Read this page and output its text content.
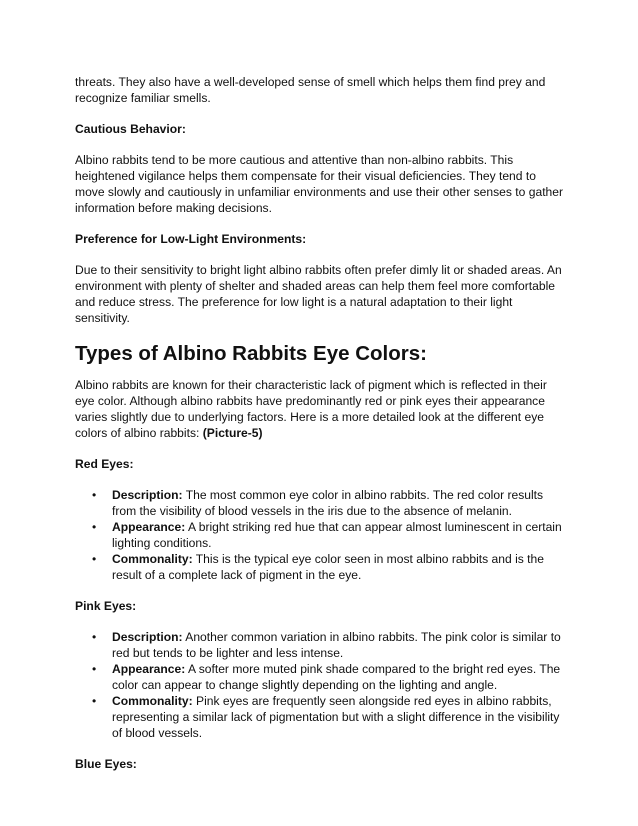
threats. They also have a well-developed sense of smell which helps them find prey and recognize familiar smells.

Cautious Behavior:

Albino rabbits tend to be more cautious and attentive than non-albino rabbits. This heightened vigilance helps them compensate for their visual deficiencies. They tend to move slowly and cautiously in unfamiliar environments and use their other senses to gather information before making decisions.

Preference for Low-Light Environments:

Due to their sensitivity to bright light albino rabbits often prefer dimly lit or shaded areas. An environment with plenty of shelter and shaded areas can help them feel more comfortable and reduce stress. The preference for low light is a natural adaptation to their light sensitivity.

Types of Albino Rabbits Eye Colors:

Albino rabbits are known for their characteristic lack of pigment which is reflected in their eye color. Although albino rabbits have predominantly red or pink eyes their appearance varies slightly due to underlying factors. Here is a more detailed look at the different eye colors of albino rabbits: (Picture-5)

Red Eyes:

• Description: The most common eye color in albino rabbits. The red color results from the visibility of blood vessels in the iris due to the absence of melanin.
• Appearance: A bright striking red hue that can appear almost luminescent in certain lighting conditions.
• Commonality: This is the typical eye color seen in most albino rabbits and is the result of a complete lack of pigment in the eye.

Pink Eyes:

• Description: Another common variation in albino rabbits. The pink color is similar to red but tends to be lighter and less intense.
• Appearance: A softer more muted pink shade compared to the bright red eyes. The color can appear to change slightly depending on the lighting and angle.
• Commonality: Pink eyes are frequently seen alongside red eyes in albino rabbits, representing a similar lack of pigmentation but with a slight difference in the visibility of blood vessels.

Blue Eyes:
